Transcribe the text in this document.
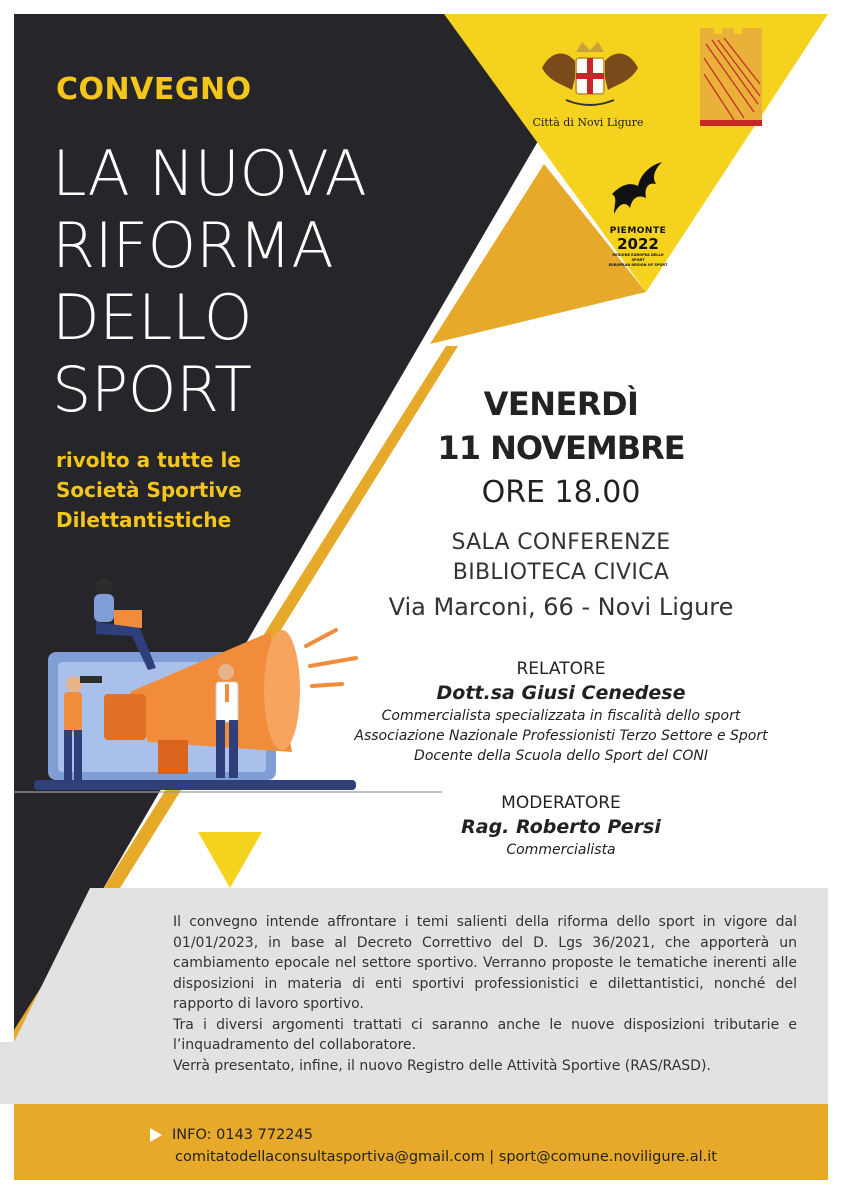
Città di Novi Ligure
PIEMONTE
2022
REGIONE EUROPEA DELLO SPORT
EUROPEAN REGION OF SPORT
CONVEGNO
LA NUOVA
RIFORMA
DELLO
SPORT
rivolto a tutte le
Società Sportive
Dilettantistiche
VENERDÌ
11 NOVEMBRE
ORE 18.00
SALA CONFERENZE
BIBLIOTECA CIVICA
Via Marconi, 66 - Novi Ligure
RELATORE
Dott.sa Giusi Cenedese
Commercialista specializzata in fiscalità dello sport
Associazione Nazionale Professionisti Terzo Settore e Sport
Docente della Scuola dello Sport del CONI
MODERATORE
Rag. Roberto Persi
Commercialista

Il convegno intende affrontare i temi salienti della riforma dello sport in vigore dal 01/01/2023, in base al Decreto Correttivo del D. Lgs 36/2021, che apporterà un cambiamento epocale nel settore sportivo. Verranno proposte le tematiche inerenti alle disposizioni in materia di enti sportivi professionistici e dilettantistici, nonché del rapporto di lavoro sportivo.

Tra i diversi argomenti trattati ci saranno anche le nuove disposizioni tributarie e l’inquadramento del collaboratore.

Verrà presentato, infine, il nuovo Registro delle Attività Sportive (RAS/RASD).

INFO: 0143 772245
comitatodellaconsultasportiva@gmail.com | sport@comune.noviligure.al.it
